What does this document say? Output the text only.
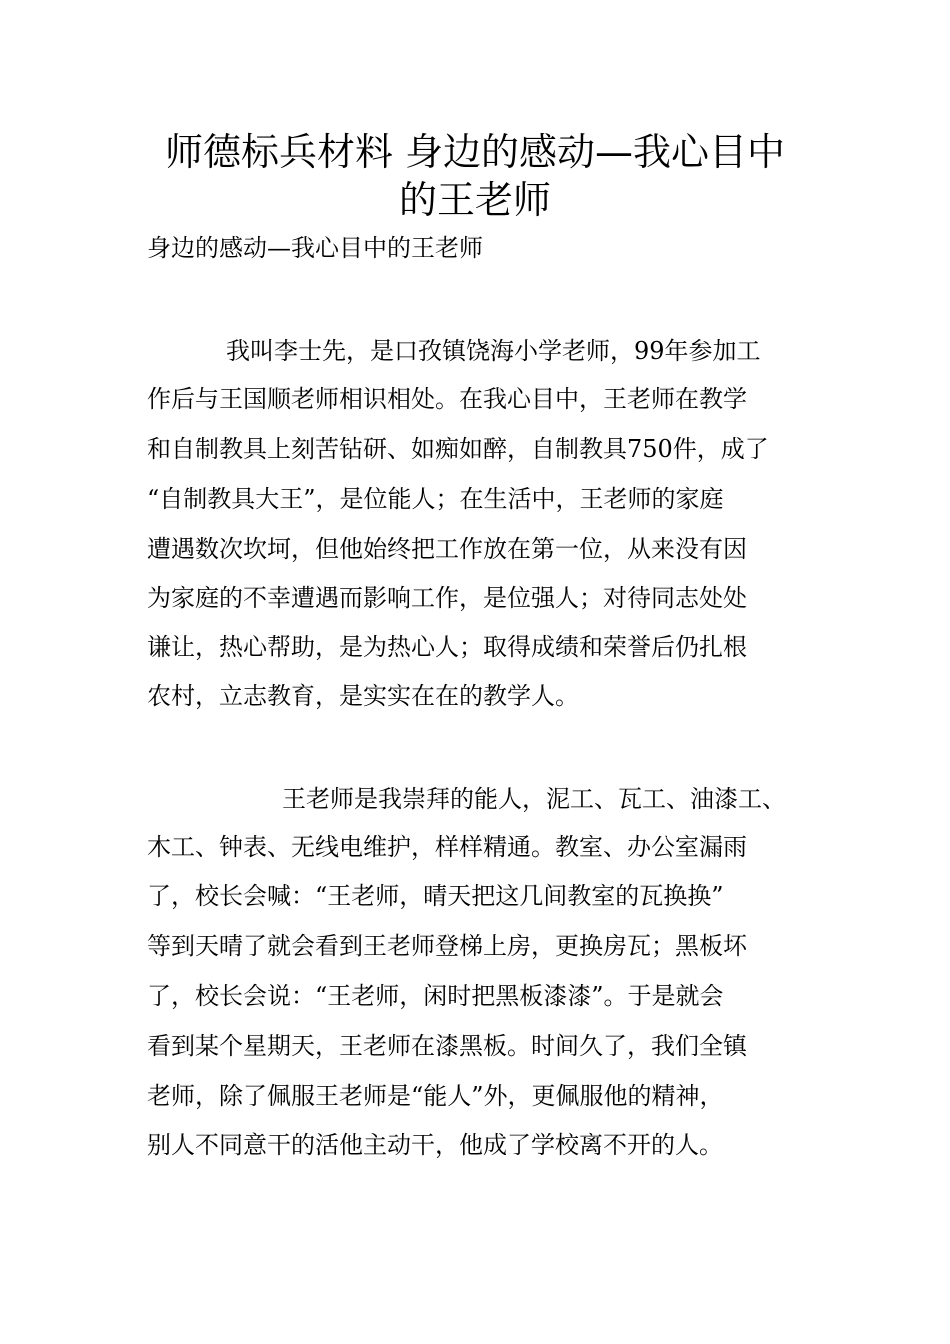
师德标兵材料 身边的感动—我心目中
的王老师
身边的感动—我心目中的王老师
我叫李士先，是口孜镇饶海小学老师，99年参加工
作后与王国顺老师相识相处。在我心目中，王老师在教学
和自制教具上刻苦钻研、如痴如醉，自制教具750件，成了
“自制教具大王”，是位能人；在生活中，王老师的家庭
遭遇数次坎坷，但他始终把工作放在第一位，从来没有因
为家庭的不幸遭遇而影响工作，是位强人；对待同志处处
谦让，热心帮助，是为热心人；取得成绩和荣誉后仍扎根
农村，立志教育，是实实在在的教学人。
王老师是我崇拜的能人，泥工、瓦工、油漆工、
木工、钟表、无线电维护，样样精通。教室、办公室漏雨
了，校长会喊：“王老师，晴天把这几间教室的瓦换换”
等到天晴了就会看到王老师登梯上房，更换房瓦；黑板坏
了，校长会说：“王老师，闲时把黑板漆漆”。于是就会
看到某个星期天，王老师在漆黑板。时间久了，我们全镇
老师，除了佩服王老师是“能人”外，更佩服他的精神，
别人不同意干的活他主动干，他成了学校离不开的人。
